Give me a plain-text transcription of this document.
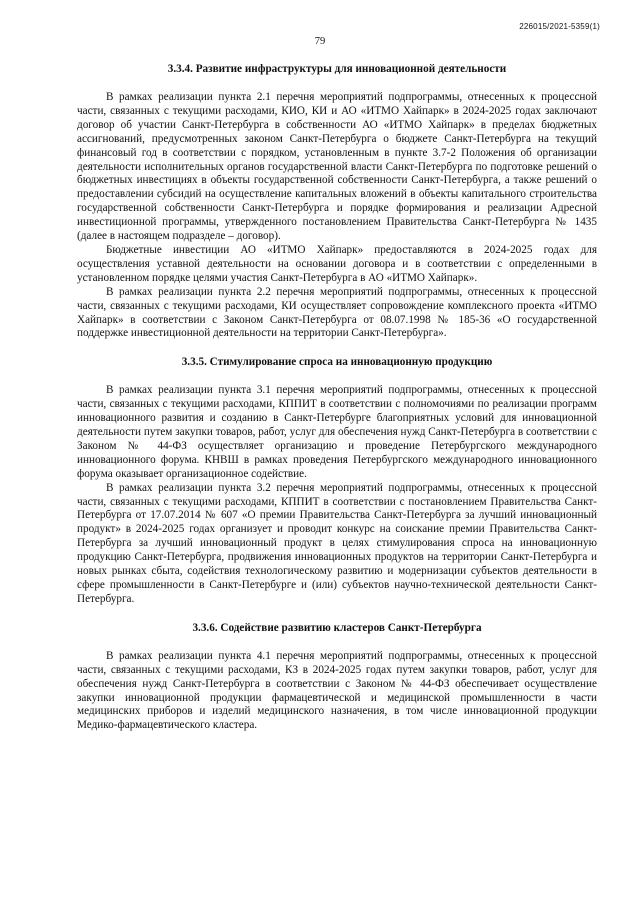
226015/2021-5359(1)
79
3.3.4. Развитие инфраструктуры для инновационной деятельности

В рамках реализации пункта 2.1 перечня мероприятий подпрограммы, отнесенных к процессной части, связанных с текущими расходами, КИО, КИ и АО «ИТМО Хайпарк» в 2024-2025 годах заключают договор об участии Санкт-Петербурга в собственности АО «ИТМО Хайпарк» в пределах бюджетных ассигнований, предусмотренных законом Санкт-Петербурга о бюджете Санкт-Петербурга на текущий финансовый год в соответствии с порядком, установленным в пункте 3.7-2 Положения об организации деятельности исполнительных органов государственной власти Санкт-Петербурга по подготовке решений о бюджетных инвестициях в объекты государственной собственности Санкт-Петербурга, а также решений о предоставлении субсидий на осуществление капитальных вложений в объекты капитального строительства государственной собственности Санкт-Петербурга и порядке формирования и реализации Адресной инвестиционной программы, утвержденного постановлением Правительства Санкт-Петербурга № 1435 (далее в настоящем подразделе – договор).

Бюджетные инвестиции АО «ИТМО Хайпарк» предоставляются в 2024-2025 годах для осуществления уставной деятельности на основании договора и в соответствии с определенными в установленном порядке целями участия Санкт-Петербурга в АО «ИТМО Хайпарк».

В рамках реализации пункта 2.2 перечня мероприятий подпрограммы, отнесенных к процессной части, связанных с текущими расходами, КИ осуществляет сопровождение комплексного проекта «ИТМО Хайпарк» в соответствии с Законом Санкт-Петербурга от 08.07.1998 № 185-36 «О государственной поддержке инвестиционной деятельности на территории Санкт-Петербурга».

3.3.5. Стимулирование спроса на инновационную продукцию

В рамках реализации пункта 3.1 перечня мероприятий подпрограммы, отнесенных к процессной части, связанных с текущими расходами, КППИТ в соответствии с полномочиями по реализации программ инновационного развития и созданию в Санкт-Петербурге благоприятных условий для инновационной деятельности путем закупки товаров, работ, услуг для обеспечения нужд Санкт-Петербурга в соответствии с Законом № 44-ФЗ осуществляет организацию и проведение Петербургского международного инновационного форума. КНВШ в рамках проведения Петербургского международного инновационного форума оказывает организационное содействие.

В рамках реализации пункта 3.2 перечня мероприятий подпрограммы, отнесенных к процессной части, связанных с текущими расходами, КППИТ в соответствии с постановлением Правительства Санкт-Петербурга от 17.07.2014 № 607 «О премии Правительства Санкт-Петербурга за лучший инновационный продукт» в 2024-2025 годах организует и проводит конкурс на соискание премии Правительства Санкт-Петербурга за лучший инновационный продукт в целях стимулирования спроса на инновационную продукцию Санкт-Петербурга, продвижения инновационных продуктов на территории Санкт-Петербурга и новых рынках сбыта, содействия технологическому развитию и модернизации субъектов деятельности в сфере промышленности в Санкт-Петербурге и (или) субъектов научно-технической деятельности Санкт-Петербурга.

3.3.6. Содействие развитию кластеров Санкт-Петербурга

В рамках реализации пункта 4.1 перечня мероприятий подпрограммы, отнесенных к процессной части, связанных с текущими расходами, КЗ в 2024-2025 годах путем закупки товаров, работ, услуг для обеспечения нужд Санкт-Петербурга в соответствии с Законом № 44-ФЗ обеспечивает осуществление закупки инновационной продукции фармацевтической и медицинской промышленности в части медицинских приборов и изделий медицинского назначения, в том числе инновационной продукции Медико-фармацевтического кластера.
